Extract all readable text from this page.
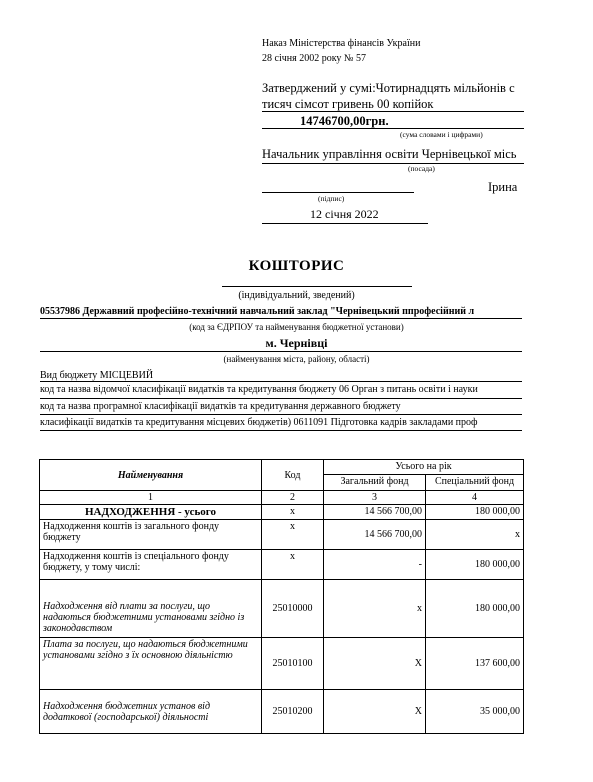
Наказ Міністерства фінансів України
28 січня 2002 року № 57
Затверджений у сумі:Чотирнадцять мільйонів с
тисяч сімсот гривень 00 копійок
14746700,00грн.
(сума словами і цифрами)
Начальник управління освіти Чернівецької місь
(посада)
Ірина
(підпис)
12 січня 2022
КОШТОРИС
(індивідуальний, зведений)
05537986 Державний професійно-технічний навчальний заклад "Чернівецький ппрофесійний л
(код за ЄДРПОУ та найменування бюджетної установи)
м. Чернівці
(найменування міста, району, області)
Вид бюджету МІСЦЕВИЙ
код та назва відомчої класифікації видатків та кредитування бюджету 06 Орган з питань освіти і науки
код та назва програмної класифікації видатків та кредитування державного бюджету
класифікації видатків та кредитування місцевих бюджетів) 0611091 Підготовка кадрів закладами проф
Найменування	Код	Усього на рік	
		Загальний фонд	Спеціальний фонд
1	2	3	4
НАДХОДЖЕННЯ - усього	х	14 566 700,00	180 000,00
Надходження коштів із загального фонду бюджету	х	14 566 700,00	х
Надходження коштів із спеціального фонду бюджету, у тому числі:	х	-	180 000,00
Надходження від плати за послуги, що надаються бюджетними установами згідно із законодавством	25010000	х	180 000,00
Плата за послуги, що надаються бюджетними установами згідно з їх основною діяльністю	25010100	Х	137 600,00
Надходження бюджетних установ від додаткової (господарської) діяльності	25010200	Х	35 000,00
